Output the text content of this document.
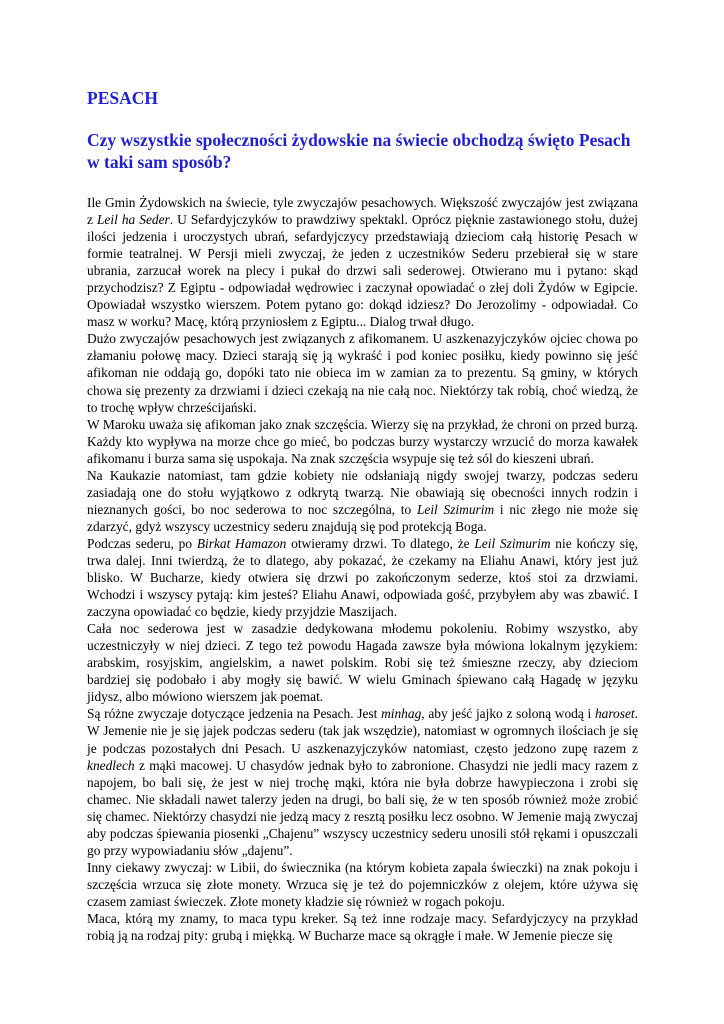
PESACH
Czy wszystkie społeczności żydowskie na świecie obchodzą święto Pesach w taki sam sposób?

Ile Gmin Żydowskich na świecie, tyle zwyczajów pesachowych. Większość zwyczajów jest związana z Leil ha Seder. U Sefardyjczyków to prawdziwy spektakl. Oprócz pięknie zastawionego stołu, dużej ilości jedzenia i uroczystych ubrań, sefardyjczycy przedstawiają dzieciom całą historię Pesach w formie teatralnej. W Persji mieli zwyczaj, że jeden z uczestników Sederu przebierał się w stare ubrania, zarzucał worek na plecy i pukał do drzwi sali sederowej. Otwierano mu i pytano: skąd przychodzisz? Z Egiptu - odpowiadał wędrowiec i zaczynał opowiadać o złej doli Żydów w Egipcie. Opowiadał wszystko wierszem. Potem pytano go: dokąd idziesz? Do Jerozolimy - odpowiadał. Co masz w worku? Macę, którą przyniosłem z Egiptu... Dialog trwał długo.

Dużo zwyczajów pesachowych jest związanych z afikomanem. U aszkenazyjczyków ojciec chowa po złamaniu połowę macy. Dzieci starają się ją wykraść i pod koniec posiłku, kiedy powinno się jeść afikoman nie oddają go, dopóki tato nie obieca im w zamian za to prezentu. Są gminy, w których chowa się prezenty za drzwiami i dzieci czekają na nie całą noc. Niektórzy tak robią, choć wiedzą, że to trochę wpływ chrześcijański.

W Maroku uważa się afikoman jako znak szczęścia. Wierzy się na przykład, że chroni on przed burzą. Każdy kto wypływa na morze chce go mieć, bo podczas burzy wystarczy wrzucić do morza kawałek afikomanu i burza sama się uspokaja. Na znak szczęścia wsypuje się też sól do kieszeni ubrań.

Na Kaukazie natomiast, tam gdzie kobiety nie odsłaniają nigdy swojej twarzy, podczas sederu zasiadają one do stołu wyjątkowo z odkrytą twarzą. Nie obawiają się obecności innych rodzin i nieznanych gości, bo noc sederowa to noc szczególna, to Leil Szimurim i nic złego nie może się zdarzyć, gdyż wszyscy uczestnicy sederu znajdują się pod protekcją Boga.

Podczas sederu, po Birkat Hamazon otwieramy drzwi. To dlatego, że Leil Szimurim nie kończy się, trwa dalej. Inni twierdzą, że to dlatego, aby pokazać, że czekamy na Eliahu Anawi, który jest już blisko. W Bucharze, kiedy otwiera się drzwi po zakończonym sederze, ktoś stoi za drzwiami. Wchodzi i wszyscy pytają: kim jesteś? Eliahu Anawi, odpowiada gość, przybyłem aby was zbawić. I zaczyna opowiadać co będzie, kiedy przyjdzie Maszijach.

Cała noc sederowa jest w zasadzie dedykowana młodemu pokoleniu. Robimy wszystko, aby uczestniczyły w niej dzieci. Z tego też powodu Hagada zawsze była mówiona lokalnym językiem: arabskim, rosyjskim, angielskim, a nawet polskim. Robi się też śmieszne rzeczy, aby dzieciom bardziej się podobało i aby mogły się bawić. W wielu Gminach śpiewano całą Hagadę w języku jidysz, albo mówiono wierszem jak poemat.

Są różne zwyczaje dotyczące jedzenia na Pesach. Jest minhag, aby jeść jajko z soloną wodą i haroset. W Jemenie nie je się jajek podczas sederu (tak jak wszędzie), natomiast w ogromnych ilościach je się je podczas pozostałych dni Pesach. U aszkenazyjczyków natomiast, często jedzono zupę razem z knedlech z mąki macowej. U chasydów jednak było to zabronione. Chasydzi nie jedli macy razem z napojem, bo bali się, że jest w niej trochę mąki, która nie była dobrze hawypieczona i zrobi się chamec. Nie składali nawet talerzy jeden na drugi, bo bali się, że w ten sposób również może zrobić się chamec. Niektórzy chasydzi nie jedzą macy z resztą posiłku lecz osobno. W Jemenie mają zwyczaj aby podczas śpiewania piosenki „Chajenu” wszyscy uczestnicy sederu unosili stół rękami i opuszczali go przy wypowiadaniu słów „dajenu”.

Inny ciekawy zwyczaj: w Libii, do świecznika (na którym kobieta zapala świeczki) na znak pokoju i szczęścia wrzuca się złote monety. Wrzuca się je też do pojemniczków z olejem, które używa się czasem zamiast świeczek. Złote monety kładzie się również w rogach pokoju.

Maca, którą my znamy, to maca typu kreker. Są też inne rodzaje macy. Sefardyjczycy na przykład robią ją na rodzaj pity: grubą i miękką. W Bucharze mace są okrągłe i małe. W Jemenie piecze się
